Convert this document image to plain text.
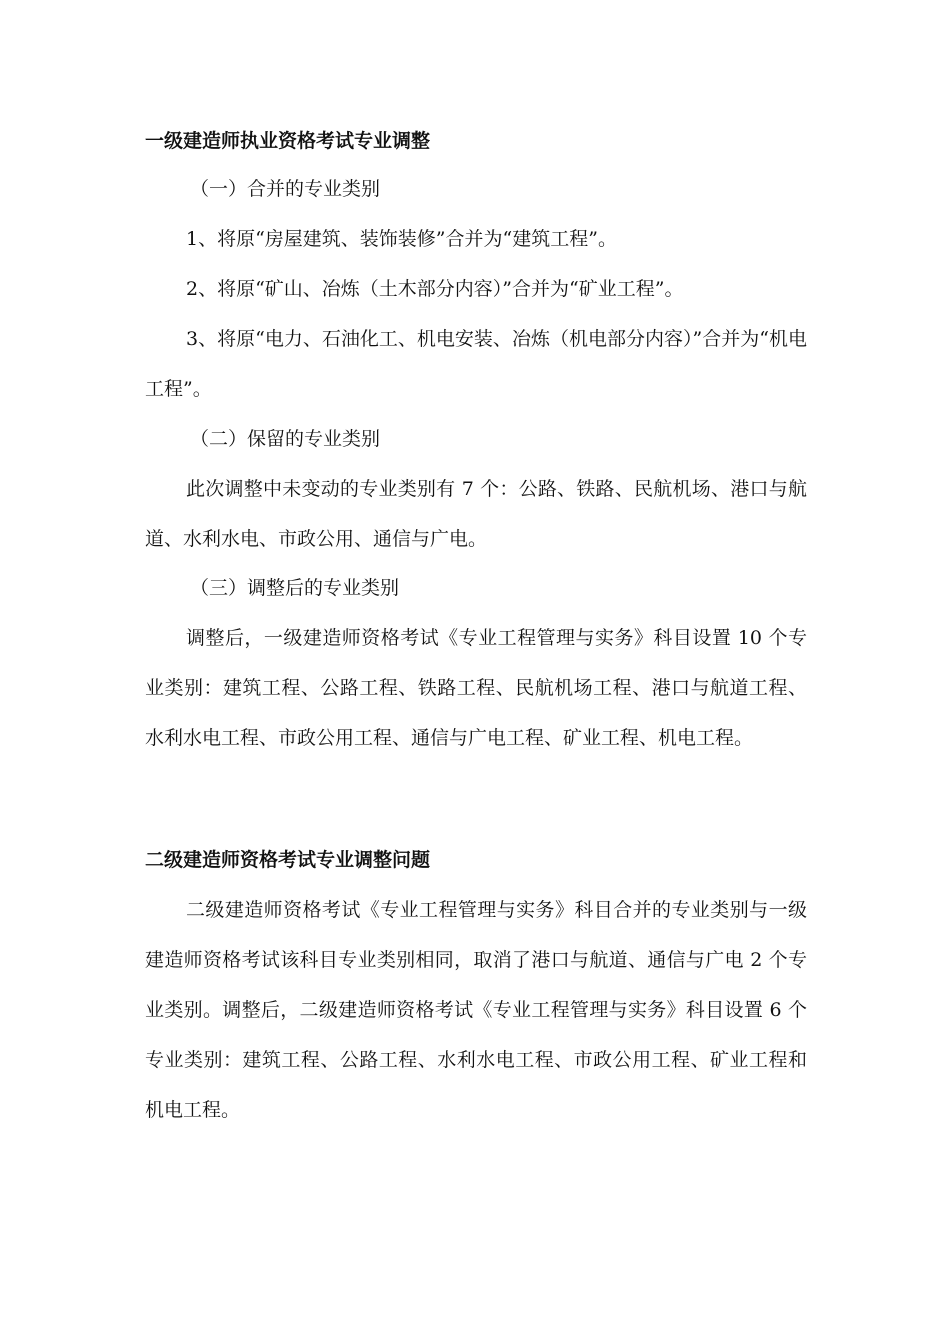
一级建造师执业资格考试专业调整
（一）合并的专业类别

1、将原“房屋建筑、装饰装修”合并为“建筑工程”。

2、将原“矿山、冶炼（土木部分内容）”合并为“矿业工程”。

3、将原“电力、石油化工、机电安装、冶炼（机电部分内容）”合并为“机电工程”。

（二）保留的专业类别

此次调整中未变动的专业类别有 7 个：公路、铁路、民航机场、港口与航道、水利水电、市政公用、通信与广电。

（三）调整后的专业类别

调整后，一级建造师资格考试《专业工程管理与实务》科目设置 10 个专业类别：建筑工程、公路工程、铁路工程、民航机场工程、港口与航道工程、水利水电工程、市政公用工程、通信与广电工程、矿业工程、机电工程。

二级建造师资格考试专业调整问题

二级建造师资格考试《专业工程管理与实务》科目合并的专业类别与一级建造师资格考试该科目专业类别相同，取消了港口与航道、通信与广电 2 个专业类别。调整后，二级建造师资格考试《专业工程管理与实务》科目设置 6 个专业类别：建筑工程、公路工程、水利水电工程、市政公用工程、矿业工程和机电工程。
